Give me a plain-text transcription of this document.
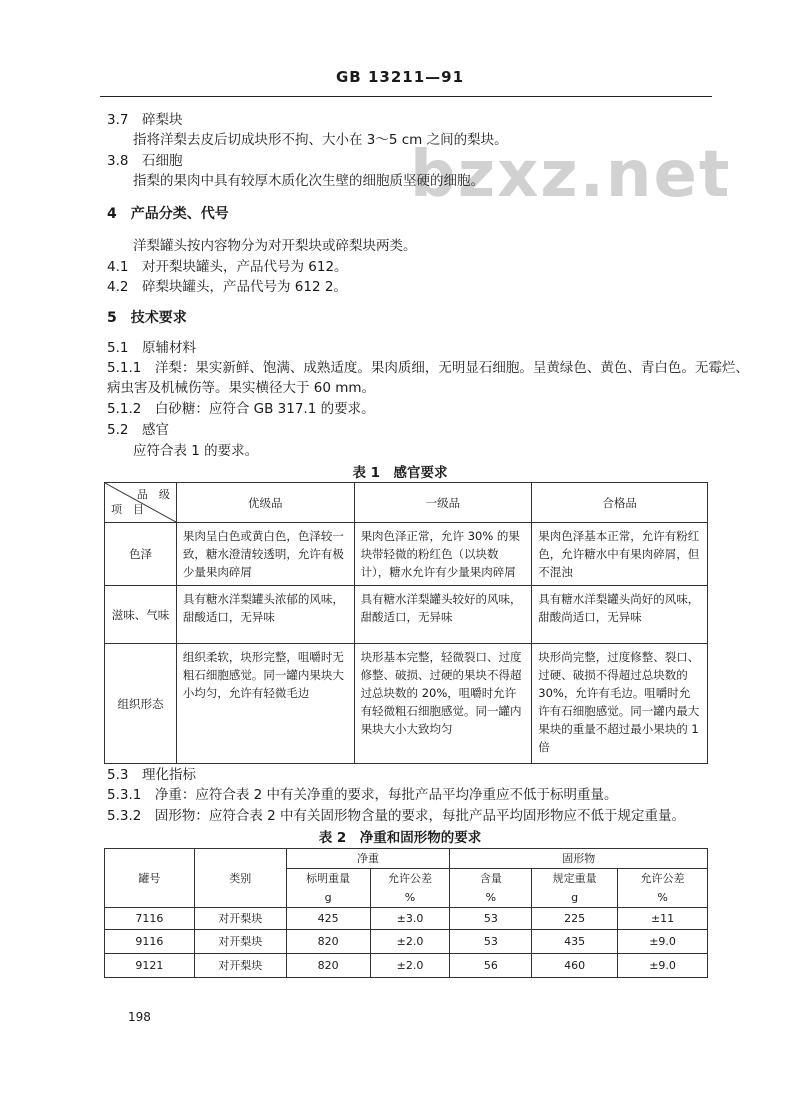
GB 13211—91
bzxz.net
3.7　 碎梨块
指将洋梨去皮后切成块形不拘、大小在 3～5 cm 之间的梨块。
3.8　 石细胞
指梨的果肉中具有较厚木质化次生壁的细胞质坚硬的细胞。
4　 产品分类、代号
洋梨罐头按内容物分为对开梨块或碎梨块两类。
4.1　对开梨块罐头，产品代号为 612。
4.2　碎梨块罐头，产品代号为 612 2。
5　 技术要求
5.1　原辅材料
5.1.1　洋梨：果实新鲜、饱满、成熟适度。果肉质细，无明显石细胞。呈黄绿色、黄色、青白色。无霉烂、
病虫害及机械伤等。果实横径大于 60 mm。
5.1.2　白砂糖：应符合 GB 317.1 的要求。
5.2　感官
应符合表 1 的要求。
表 1　感官要求
品　级
项　目	优级品	一级品	合格品
色泽	果肉呈白色或黄白色，色泽较一致，糖水澄清较透明，允许有极少量果肉碎屑	果肉色泽正常，允许 30% 的果块带轻微的粉红色（以块数计），糖水允许有少量果肉碎屑	果肉色泽基本正常，允许有粉红色，允许糖水中有果肉碎屑，但不混浊
滋味、气味	具有糖水洋梨罐头浓郁的风味，甜酸适口，无异味	具有糖水洋梨罐头较好的风味，甜酸适口，无异味	具有糖水洋梨罐头尚好的风味，甜酸尚适口，无异味
组织形态	组织柔软，块形完整，咀嚼时无粗石细胞感觉。同一罐内果块大小均匀，允许有轻微毛边	块形基本完整，轻微裂口、过度修整、破损、过硬的果块不得超过总块数的 20%，咀嚼时允许有轻微粗石细胞感觉。同一罐内果块大小大致均匀	块形尚完整，过度修整、裂口、过硬、破损不得超过总块数的 30%，允许有毛边。咀嚼时允许有石细胞感觉。同一罐内最大果块的重量不超过最小果块的 1 倍
5.3　理化指标
5.3.1　净重：应符合表 2 中有关净重的要求，每批产品平均净重应不低于标明重量。
5.3.2　固形物：应符合表 2 中有关固形物含量的要求，每批产品平均固形物应不低于规定重量。
表 2　净重和固形物的要求
罐号	类别	净重		固形物		
		标明重量	允许公差	含量	规定重量	允许公差
		g	%	%	g	%
7116	对开梨块	425	±3.0	53	225	±11
9116	对开梨块	820	±2.0	53	435	±9.0
9121	对开梨块	820	±2.0	56	460	±9.0
198
